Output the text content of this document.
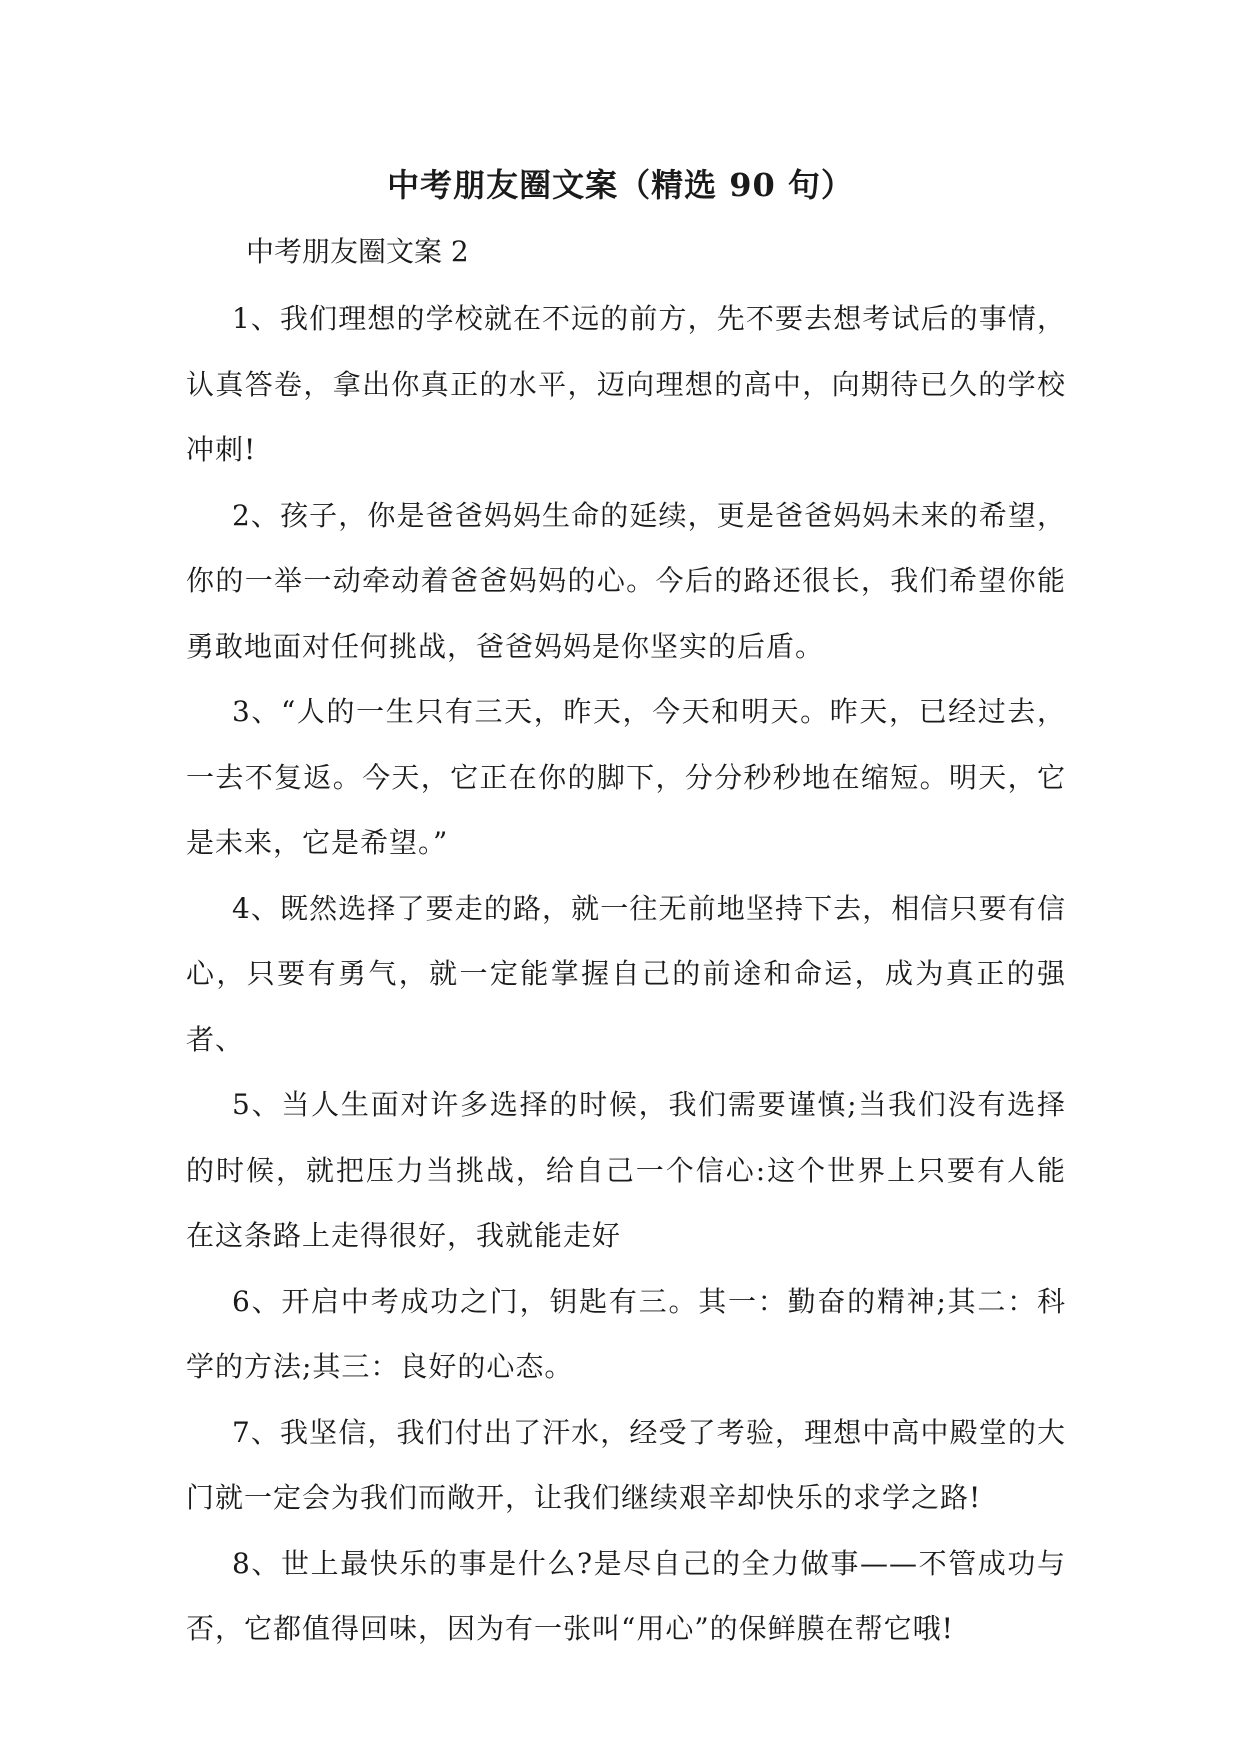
中考朋友圈文案（精选 90 句）
中考朋友圈文案 2

1、我们理想的学校就在不远的前方，先不要去想考试后的事情，认真答卷，拿出你真正的水平，迈向理想的高中，向期待已久的学校冲刺!

2、孩子，你是爸爸妈妈生命的延续，更是爸爸妈妈未来的希望，你的一举一动牵动着爸爸妈妈的心。今后的路还很长，我们希望你能勇敢地面对任何挑战，爸爸妈妈是你坚实的后盾。

3、“人的一生只有三天，昨天，今天和明天。昨天，已经过去，一去不复返。今天，它正在你的脚下，分分秒秒地在缩短。明天，它是未来，它是希望。”

4、既然选择了要走的路，就一往无前地坚持下去，相信只要有信心，只要有勇气，就一定能掌握自己的前途和命运，成为真正的强者、

5、当人生面对许多选择的时候，我们需要谨慎;当我们没有选择的时候，就把压力当挑战，给自己一个信心:这个世界上只要有人能在这条路上走得很好，我就能走好

6、开启中考成功之门，钥匙有三。其一：勤奋的精神;其二：科学的方法;其三：良好的心态。

7、我坚信，我们付出了汗水，经受了考验，理想中高中殿堂的大门就一定会为我们而敞开，让我们继续艰辛却快乐的求学之路!

8、世上最快乐的事是什么?是尽自己的全力做事——不管成功与否，它都值得回味，因为有一张叫“用心”的保鲜膜在帮它哦!
